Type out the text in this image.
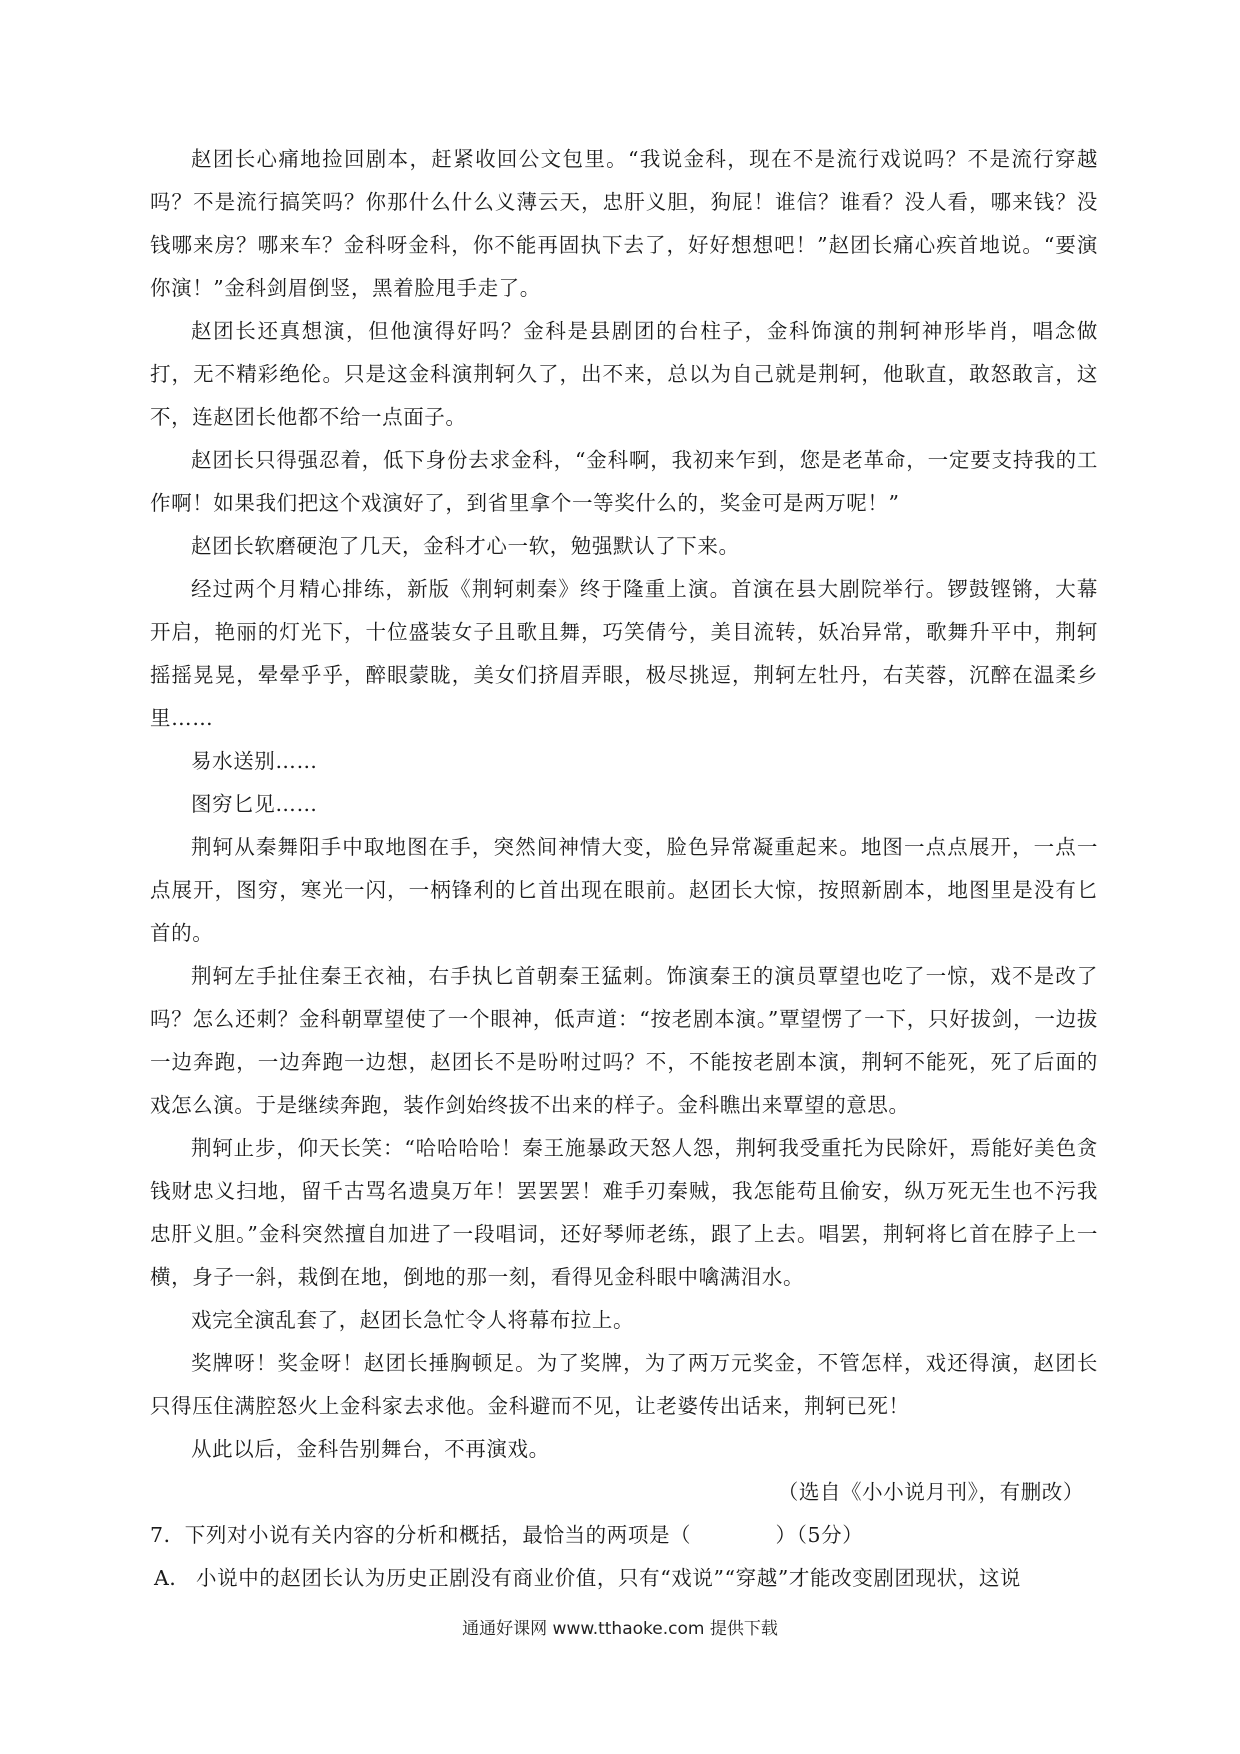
赵团长心痛地捡回剧本，赶紧收回公文包里。“我说金科，现在不是流行戏说吗？不是流行穿越吗？不是流行搞笑吗？你那什么什么义薄云天，忠肝义胆，狗屁！谁信？谁看？没人看，哪来钱？没钱哪来房？哪来车？金科呀金科，你不能再固执下去了，好好想想吧！”赵团长痛心疾首地说。“要演你演！”金科剑眉倒竖，黑着脸甩手走了。

赵团长还真想演，但他演得好吗？金科是县剧团的台柱子，金科饰演的荆轲神形毕肖，唱念做打，无不精彩绝伦。只是这金科演荆轲久了，出不来，总以为自己就是荆轲，他耿直，敢怒敢言，这不，连赵团长他都不给一点面子。

赵团长只得强忍着，低下身份去求金科，“金科啊，我初来乍到，您是老革命，一定要支持我的工作啊！如果我们把这个戏演好了，到省里拿个一等奖什么的，奖金可是两万呢！”

赵团长软磨硬泡了几天，金科才心一软，勉强默认了下来。

经过两个月精心排练，新版《荆轲刺秦》终于隆重上演。首演在县大剧院举行。锣鼓铿锵，大幕开启，艳丽的灯光下，十位盛装女子且歌且舞，巧笑倩兮，美目流转，妖冶异常，歌舞升平中，荆轲摇摇晃晃，晕晕乎乎，醉眼蒙眬，美女们挤眉弄眼，极尽挑逗，荆轲左牡丹，右芙蓉，沉醉在温柔乡里……

易水送别……

图穷匕见……

荆轲从秦舞阳手中取地图在手，突然间神情大变，脸色异常凝重起来。地图一点点展开，一点一点展开，图穷，寒光一闪，一柄锋利的匕首出现在眼前。赵团长大惊，按照新剧本，地图里是没有匕首的。

荆轲左手扯住秦王衣袖，右手执匕首朝秦王猛刺。饰演秦王的演员覃望也吃了一惊，戏不是改了吗？怎么还刺？金科朝覃望使了一个眼神，低声道：“按老剧本演。”覃望愣了一下，只好拔剑，一边拔一边奔跑，一边奔跑一边想，赵团长不是吩咐过吗？不，不能按老剧本演，荆轲不能死，死了后面的戏怎么演。于是继续奔跑，装作剑始终拔不出来的样子。金科瞧出来覃望的意思。

荆轲止步，仰天长笑：“哈哈哈哈！秦王施暴政天怒人怨，荆轲我受重托为民除奸，焉能好美色贪钱财忠义扫地，留千古骂名遗臭万年！罢罢罢！难手刃秦贼，我怎能苟且偷安，纵万死无生也不污我忠肝义胆。”金科突然擅自加进了一段唱词，还好琴师老练，跟了上去。唱罢，荆轲将匕首在脖子上一横，身子一斜，栽倒在地，倒地的那一刻，看得见金科眼中噙满泪水。

戏完全演乱套了，赵团长急忙令人将幕布拉上。

奖牌呀！奖金呀！赵团长捶胸顿足。为了奖牌，为了两万元奖金，不管怎样，戏还得演，赵团长只得压住满腔怒火上金科家去求他。金科避而不见，让老婆传出话来，荆轲已死！

从此以后，金科告别舞台，不再演戏。

（选自《小小说月刊》，有删改）

7．下列对小说有关内容的分析和概括，最恰当的两项是（　　　　）（5分）

A． 小说中的赵团长认为历史正剧没有商业价值，只有“戏说”“穿越”才能改变剧团现状，这说

通通好课网 www.tthaoke.com 提供下载
